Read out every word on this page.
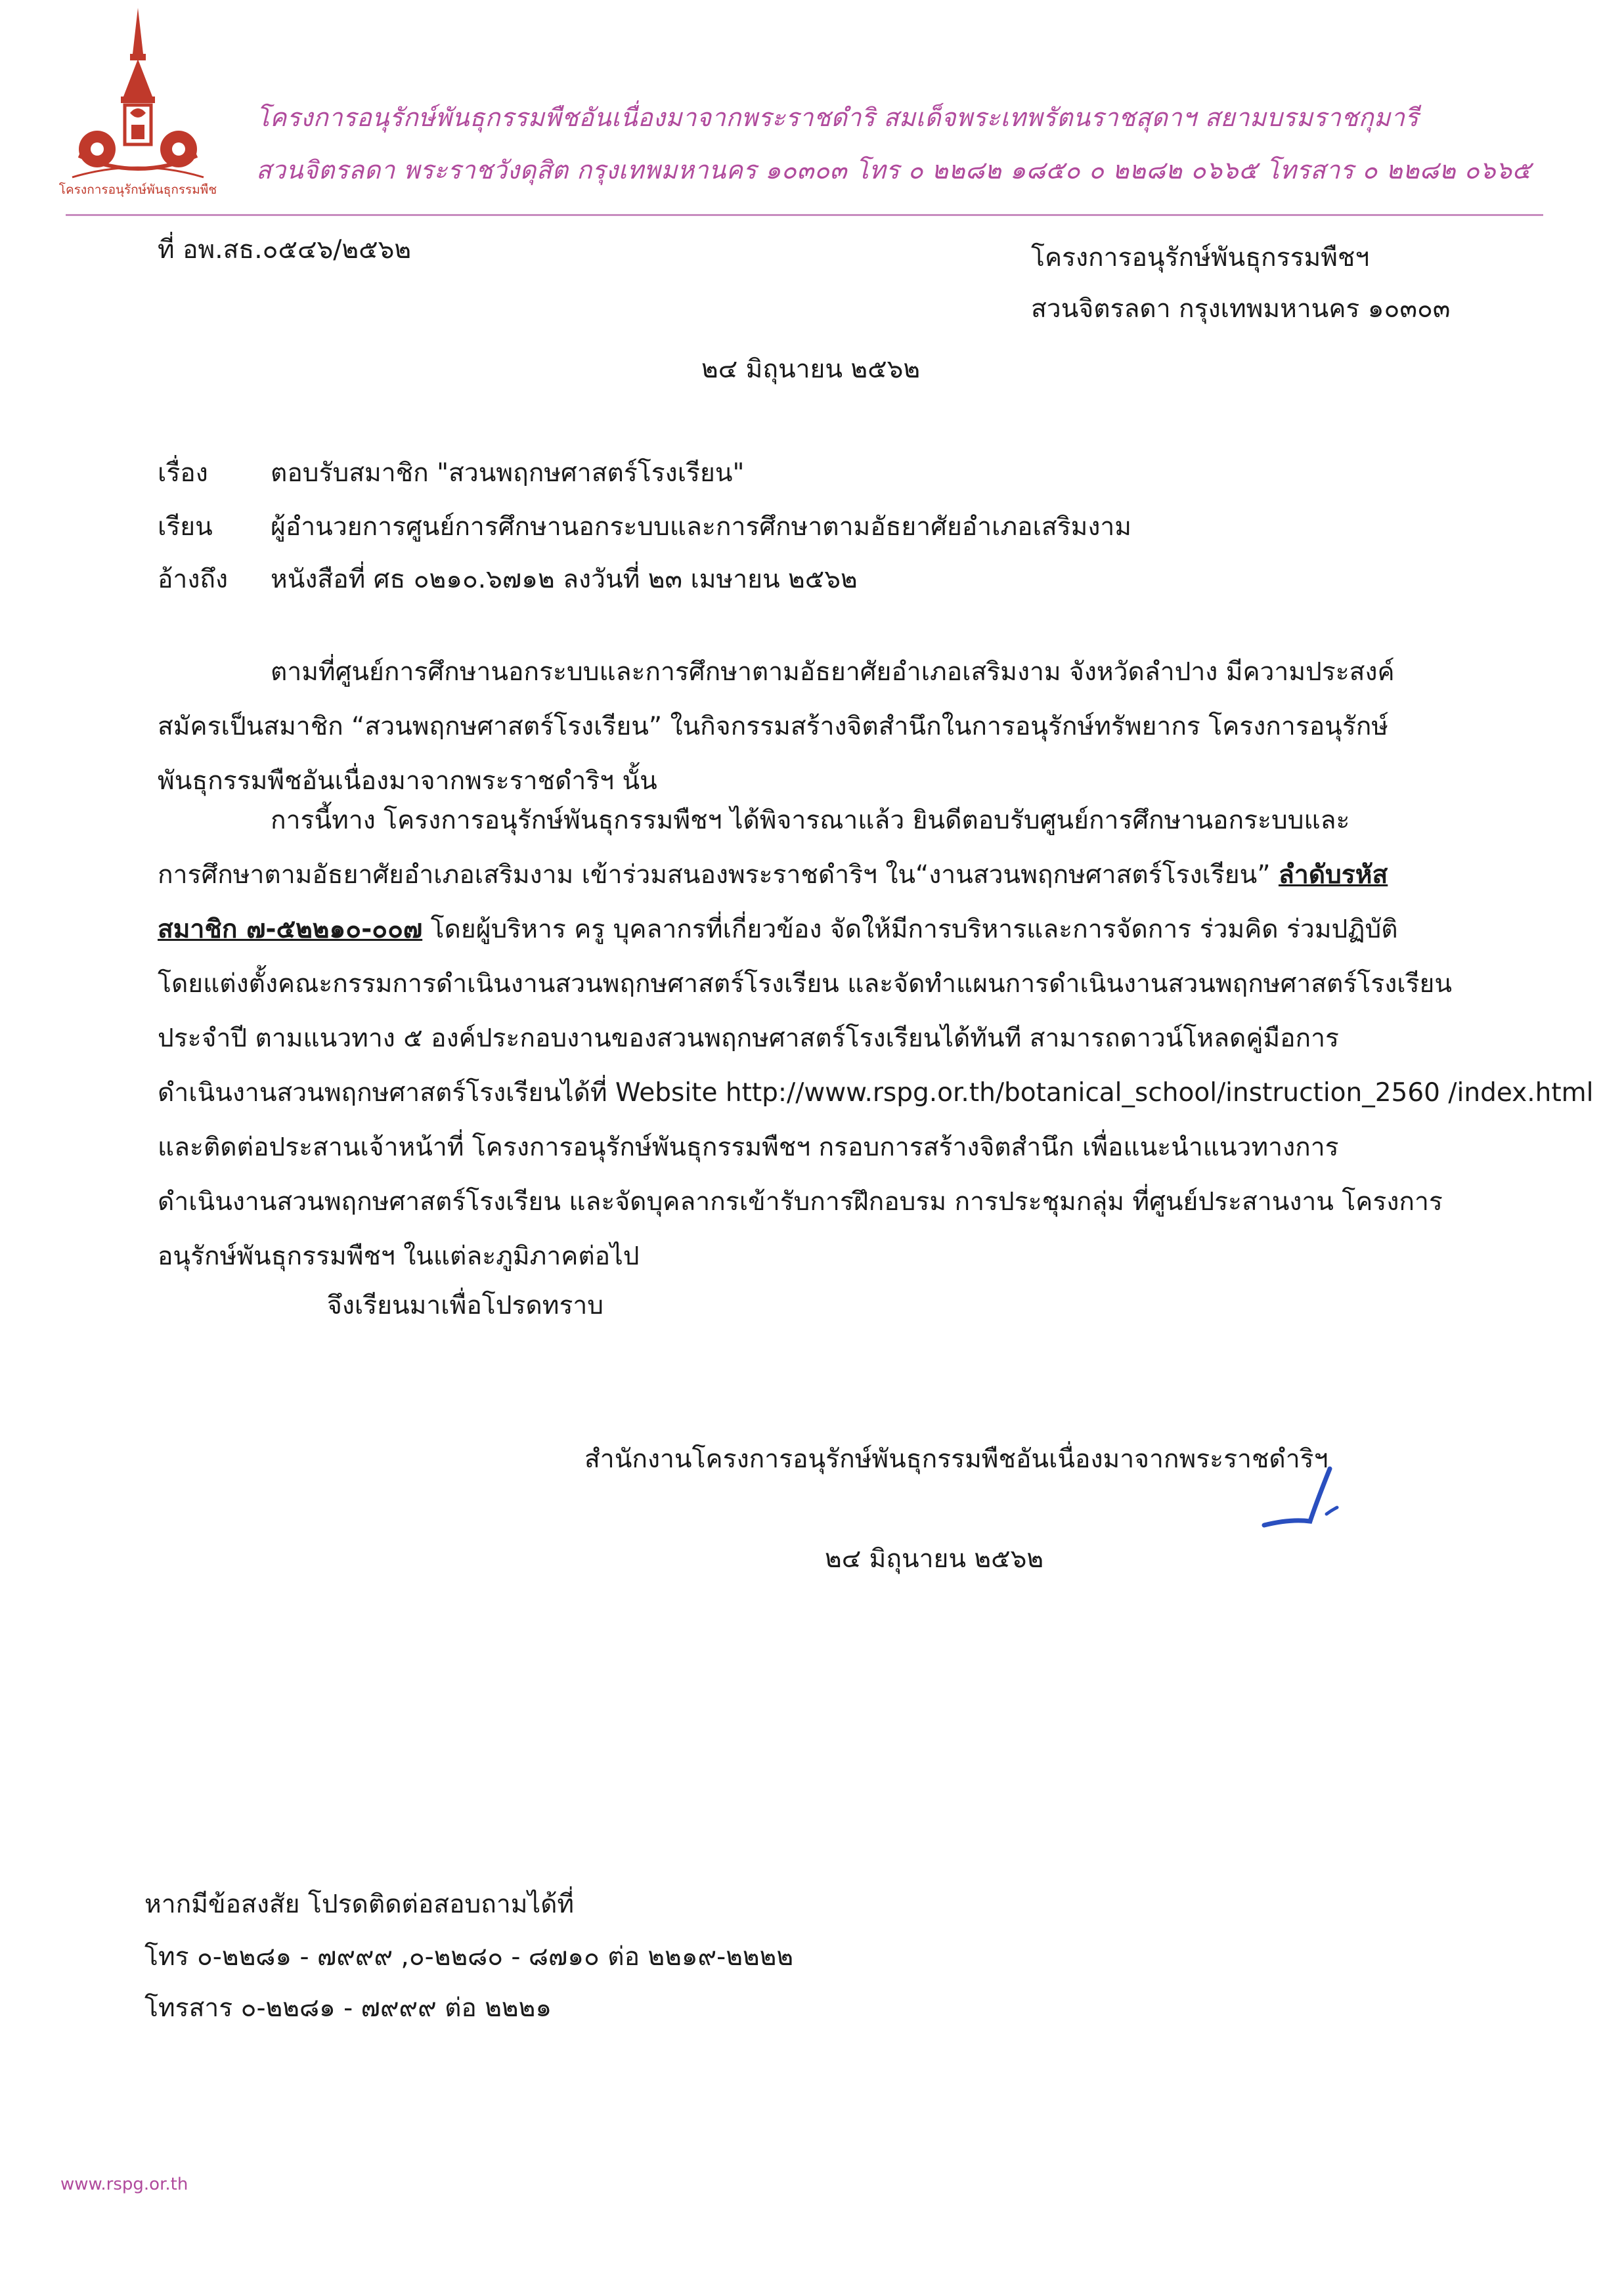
โครงการอนุรักษ์พันธุกรรมพืช
โครงการอนุรักษ์พันธุกรรมพืชอันเนื่องมาจากพระราชดำริ สมเด็จพระเทพรัตนราชสุดาฯ สยามบรมราชกุมารี
สวนจิตรลดา พระราชวังดุสิต กรุงเทพมหานคร ๑๐๓๐๓ โทร ๐ ๒๒๘๒ ๑๘๕๐ ๐ ๒๒๘๒ ๐๖๖๕ โทรสาร ๐ ๒๒๘๒ ๐๖๖๕
ที่ อพ.สธ.๐๕๔๖/๒๕๖๒	โครงการอนุรักษ์พันธุกรรมพืชฯ
สวนจิตรลดา กรุงเทพมหานคร ๑๐๓๐๓
๒๔ มิถุนายน ๒๕๖๒
เรื่อง ตอบรับสมาชิก "สวนพฤกษศาสตร์โรงเรียน"
เรียน ผู้อำนวยการศูนย์การศึกษานอกระบบและการศึกษาตามอัธยาศัยอำเภอเสริมงาม
อ้างถึง หนังสือที่ ศธ ๐๒๑๐.๖๗๑๒ ลงวันที่ ๒๓ เมษายน ๒๕๖๒
ตามที่ศูนย์การศึกษานอกระบบและการศึกษาตามอัธยาศัยอำเภอเสริมงาม จังหวัดลำปาง มีความประสงค์
สมัครเป็นสมาชิก “สวนพฤกษศาสตร์โรงเรียน” ในกิจกรรมสร้างจิตสำนึกในการอนุรักษ์ทรัพยากร โครงการอนุรักษ์
พันธุกรรมพืชอันเนื่องมาจากพระราชดำริฯ นั้น
การนี้ทาง โครงการอนุรักษ์พันธุกรรมพืชฯ ได้พิจารณาแล้ว ยินดีตอบรับศูนย์การศึกษานอกระบบและ
การศึกษาตามอัธยาศัยอำเภอเสริมงาม เข้าร่วมสนองพระราชดำริฯ ใน“งานสวนพฤกษศาสตร์โรงเรียน” ลำดับรหัส
สมาชิก ๗-๕๒๒๑๐-๐๐๗ โดยผู้บริหาร ครู บุคลากรที่เกี่ยวข้อง จัดให้มีการบริหารและการจัดการ ร่วมคิด ร่วมปฏิบัติ
โดยแต่งตั้งคณะกรรมการดำเนินงานสวนพฤกษศาสตร์โรงเรียน และจัดทำแผนการดำเนินงานสวนพฤกษศาสตร์โรงเรียน
ประจำปี ตามแนวทาง ๕ องค์ประกอบงานของสวนพฤกษศาสตร์โรงเรียนได้ทันที สามารถดาวน์โหลดคู่มือการ
ดำเนินงานสวนพฤกษศาสตร์โรงเรียนได้ที่ Website http://www.rspg.or.th/botanical_school/instruction_2560 /index.html
และติดต่อประสานเจ้าหน้าที่ โครงการอนุรักษ์พันธุกรรมพืชฯ กรอบการสร้างจิตสำนึก เพื่อแนะนำแนวทางการ
ดำเนินงานสวนพฤกษศาสตร์โรงเรียน และจัดบุคลากรเข้ารับการฝึกอบรม การประชุมกลุ่ม ที่ศูนย์ประสานงาน โครงการ
อนุรักษ์พันธุกรรมพืชฯ ในแต่ละภูมิภาคต่อไป
จึงเรียนมาเพื่อโปรดทราบ
สำนักงานโครงการอนุรักษ์พันธุกรรมพืชอันเนื่องมาจากพระราชดำริฯ
๒๔ มิถุนายน ๒๕๖๒
หากมีข้อสงสัย โปรดติดต่อสอบถามได้ที่
โทร ๐-๒๒๘๑ - ๗๙๙๙ ,๐-๒๒๘๐ - ๘๗๑๐ ต่อ ๒๒๑๙-๒๒๒๒
โทรสาร ๐-๒๒๘๑ - ๗๙๙๙ ต่อ ๒๒๒๑
www.rspg.or.th
